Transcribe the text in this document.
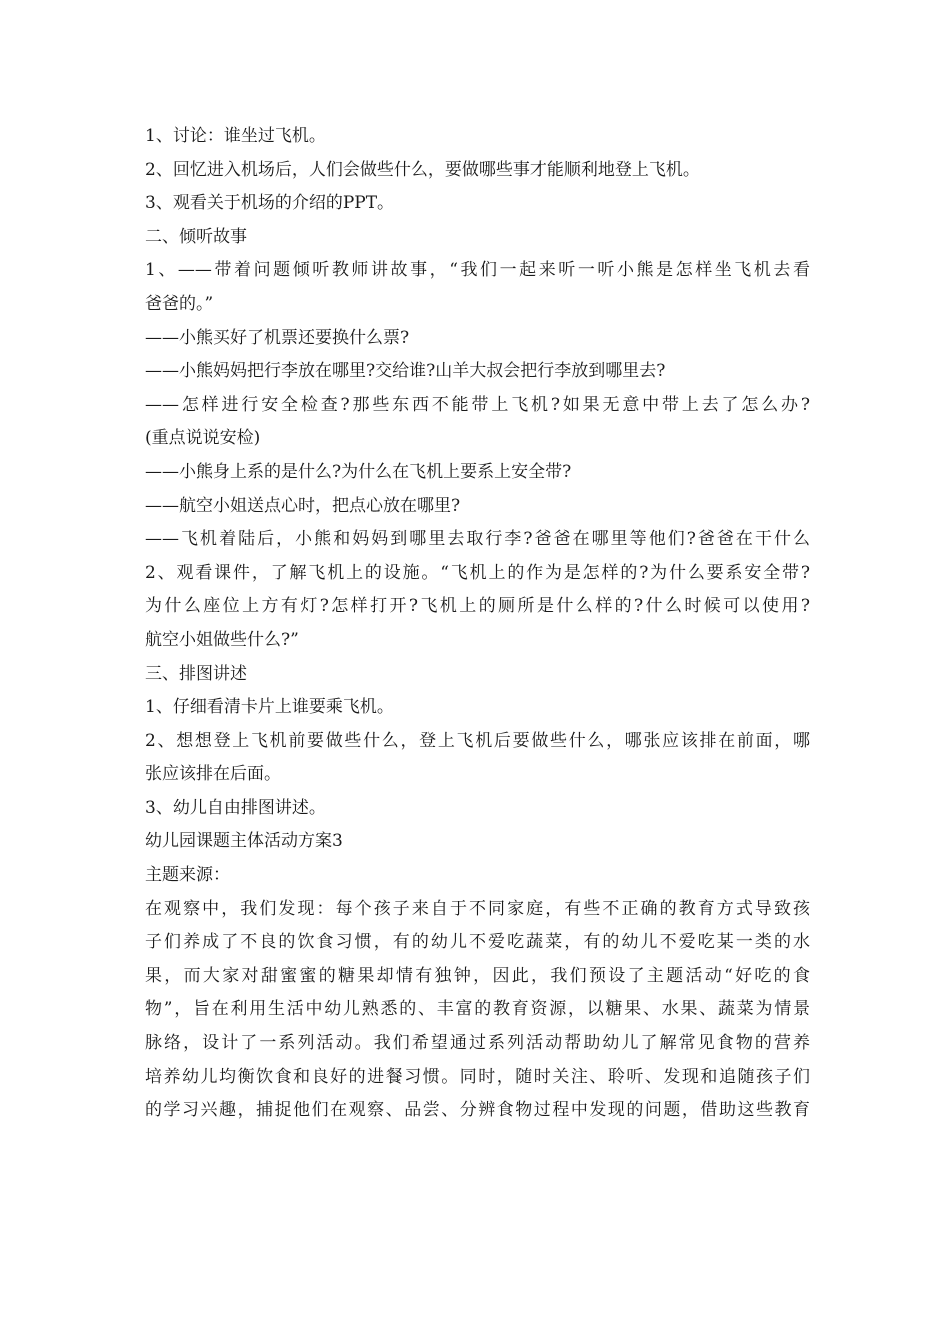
1、讨论：谁坐过飞机。
2、回忆进入机场后，人们会做些什么，要做哪些事才能顺利地登上飞机。
3、观看关于机场的介绍的PPT。
二、倾听故事
1、——带着问题倾听教师讲故事，“我们一起来听一听小熊是怎样坐飞机去看
爸爸的。”
——小熊买好了机票还要换什么票?
——小熊妈妈把行李放在哪里?交给谁?山羊大叔会把行李放到哪里去?
——怎样进行安全检查?那些东西不能带上飞机?如果无意中带上去了怎么办?
(重点说说安检)
——小熊身上系的是什么?为什么在飞机上要系上安全带?
——航空小姐送点心时，把点心放在哪里?
——飞机着陆后，小熊和妈妈到哪里去取行李?爸爸在哪里等他们?爸爸在干什么
2、观看课件，了解飞机上的设施。“飞机上的作为是怎样的?为什么要系安全带?
为什么座位上方有灯?怎样打开?飞机上的厕所是什么样的?什么时候可以使用?
航空小姐做些什么?”
三、排图讲述
1、仔细看清卡片上谁要乘飞机。
2、想想登上飞机前要做些什么，登上飞机后要做些什么，哪张应该排在前面，哪
张应该排在后面。
3、幼儿自由排图讲述。
幼儿园课题主体活动方案3
主题来源：
在观察中，我们发现：每个孩子来自于不同家庭，有些不正确的教育方式导致孩
子们养成了不良的饮食习惯，有的幼儿不爱吃蔬菜，有的幼儿不爱吃某一类的水
果，而大家对甜蜜蜜的糖果却情有独钟，因此，我们预设了主题活动“好吃的食
物”，旨在利用生活中幼儿熟悉的、丰富的教育资源，以糖果、水果、蔬菜为情景
脉络，设计了一系列活动。我们希望通过系列活动帮助幼儿了解常见食物的营养
培养幼儿均衡饮食和良好的进餐习惯。同时，随时关注、聆听、发现和追随孩子们
的学习兴趣，捕捉他们在观察、品尝、分辨食物过程中发现的问题，借助这些教育
